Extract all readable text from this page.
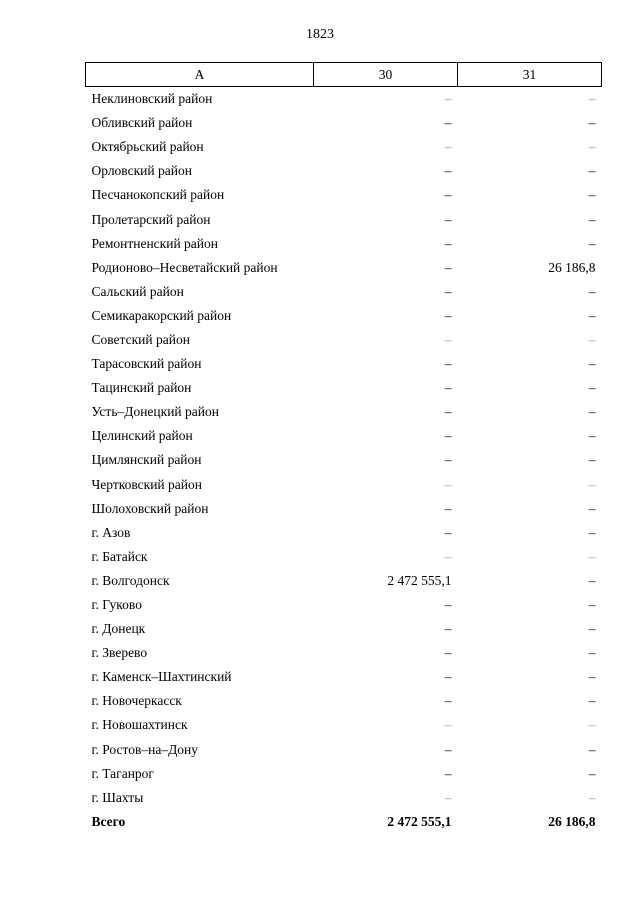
1823
А	30	31
Неклиновский район	–	–
Обливский район	–	–
Октябрьский район	–	–
Орловский район	–	–
Песчанокопский район	–	–
Пролетарский район	–	–
Ремонтненский район	–	–
Родионово–Несветайский район	–	26 186,8
Сальский район	–	–
Семикаракорский район	–	–
Советский район	–	–
Тарасовский район	–	–
Тацинский район	–	–
Усть–Донецкий район	–	–
Целинский район	–	–
Цимлянский район	–	–
Чертковский район	–	–
Шолоховский район	–	–
г. Азов	–	–
г. Батайск	–	–
г. Волгодонск	2 472 555,1	–
г. Гуково	–	–
г. Донецк	–	–
г. Зверево	–	–
г. Каменск–Шахтинский	–	–
г. Новочеркасск	–	–
г. Новошахтинск	–	–
г. Ростов–на–Дону	–	–
г. Таганрог	–	–
г. Шахты	–	–
Всего	2 472 555,1	26 186,8
